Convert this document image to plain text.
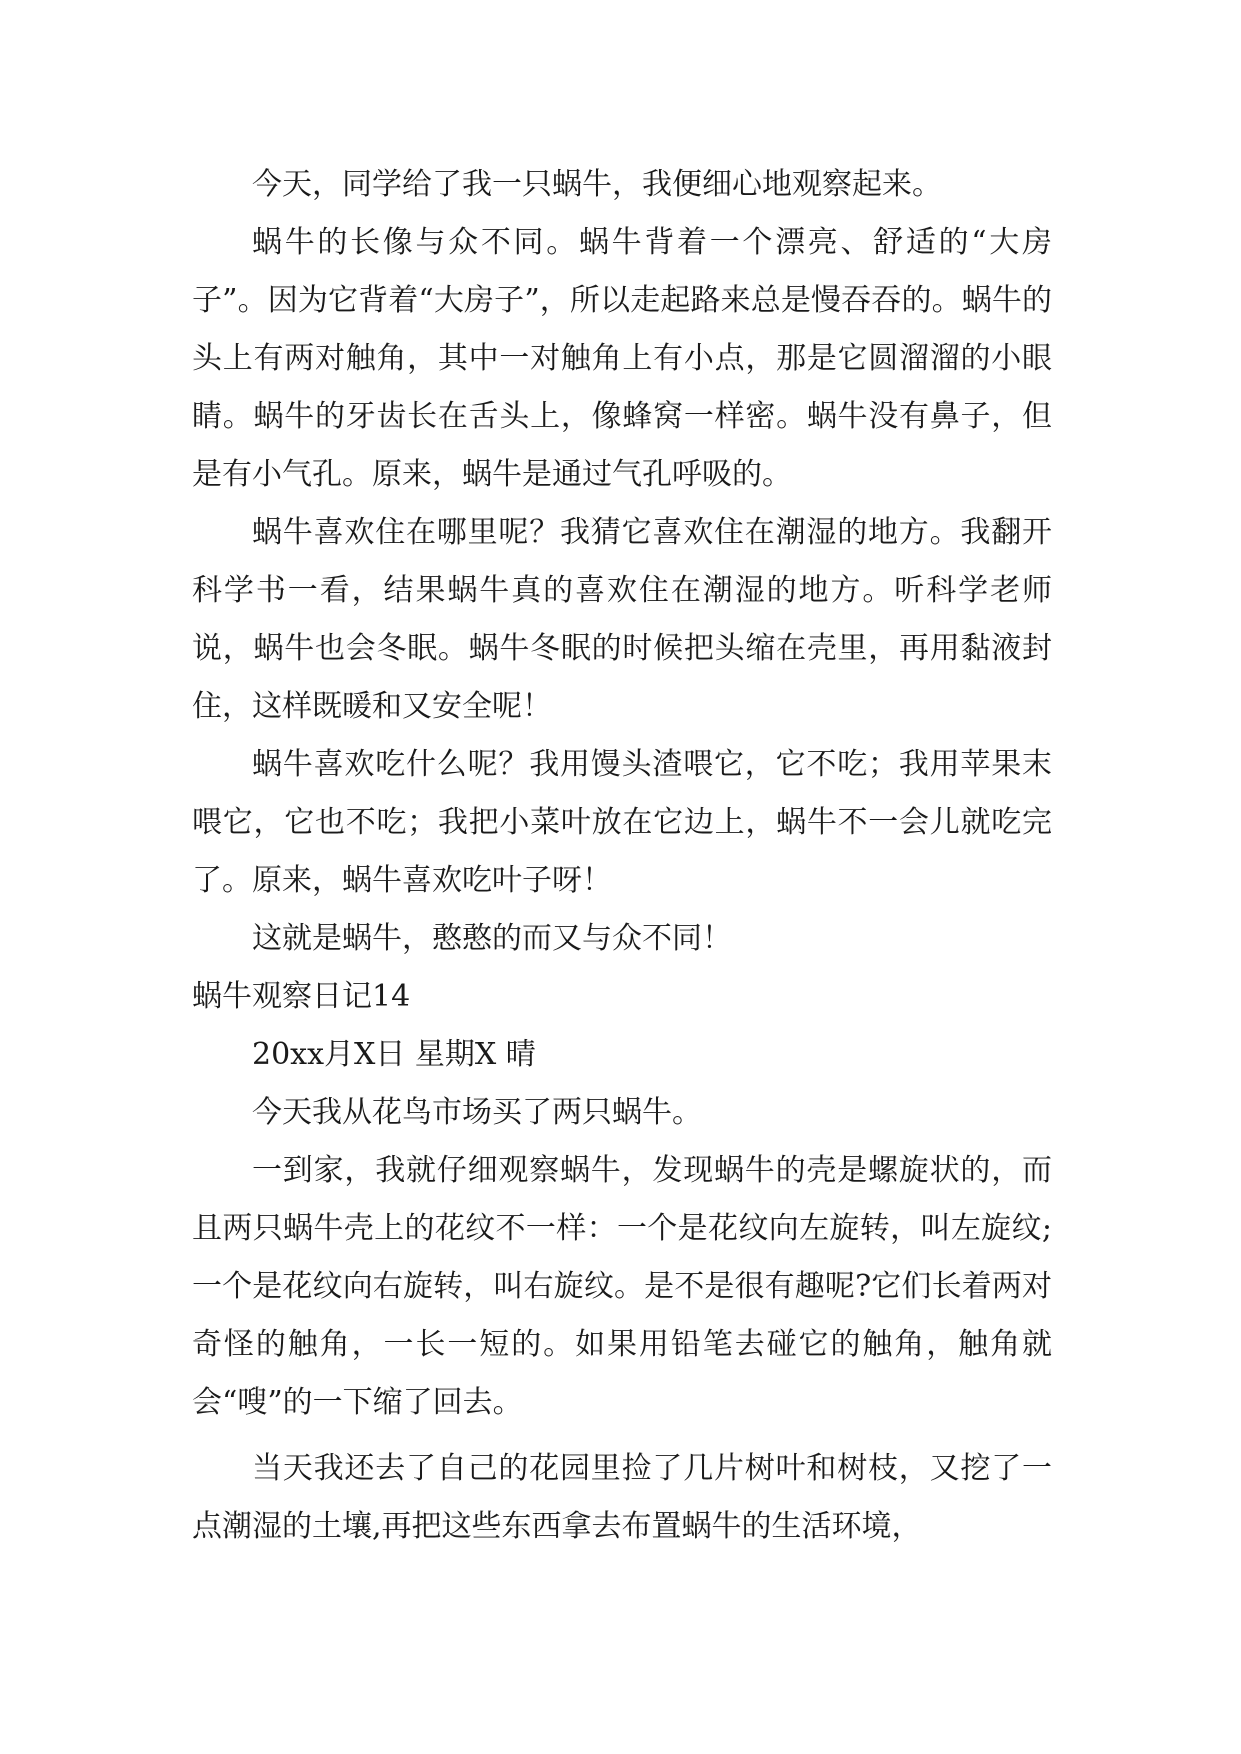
今天，同学给了我一只蜗牛，我便细心地观察起来。

蜗牛的长像与众不同。蜗牛背着一个漂亮、舒适的“大房子”。因为它背着“大房子”，所以走起路来总是慢吞吞的。蜗牛的头上有两对触角，其中一对触角上有小点，那是它圆溜溜的小眼睛。蜗牛的牙齿长在舌头上，像蜂窝一样密。蜗牛没有鼻子，但是有小气孔。原来，蜗牛是通过气孔呼吸的。

蜗牛喜欢住在哪里呢？我猜它喜欢住在潮湿的地方。我翻开科学书一看，结果蜗牛真的喜欢住在潮湿的地方。听科学老师说，蜗牛也会冬眠。蜗牛冬眠的时候把头缩在壳里，再用黏液封住，这样既暖和又安全呢！

蜗牛喜欢吃什么呢？我用馒头渣喂它，它不吃；我用苹果末喂它，它也不吃；我把小菜叶放在它边上，蜗牛不一会儿就吃完了。原来，蜗牛喜欢吃叶子呀！

这就是蜗牛，憨憨的而又与众不同！

蜗牛观察日记14

20xx月X日 星期X 晴

今天我从花鸟市场买了两只蜗牛。

一到家，我就仔细观察蜗牛，发现蜗牛的壳是螺旋状的，而且两只蜗牛壳上的花纹不一样：一个是花纹向左旋转，叫左旋纹;一个是花纹向右旋转，叫右旋纹。是不是很有趣呢?它们长着两对奇怪的触角，一长一短的。如果用铅笔去碰它的触角，触角就会“嗖”的一下缩了回去。

当天我还去了自己的花园里捡了几片树叶和树枝，又挖了一点潮湿的土壤,再把这些东西拿去布置蜗牛的生活环境，
